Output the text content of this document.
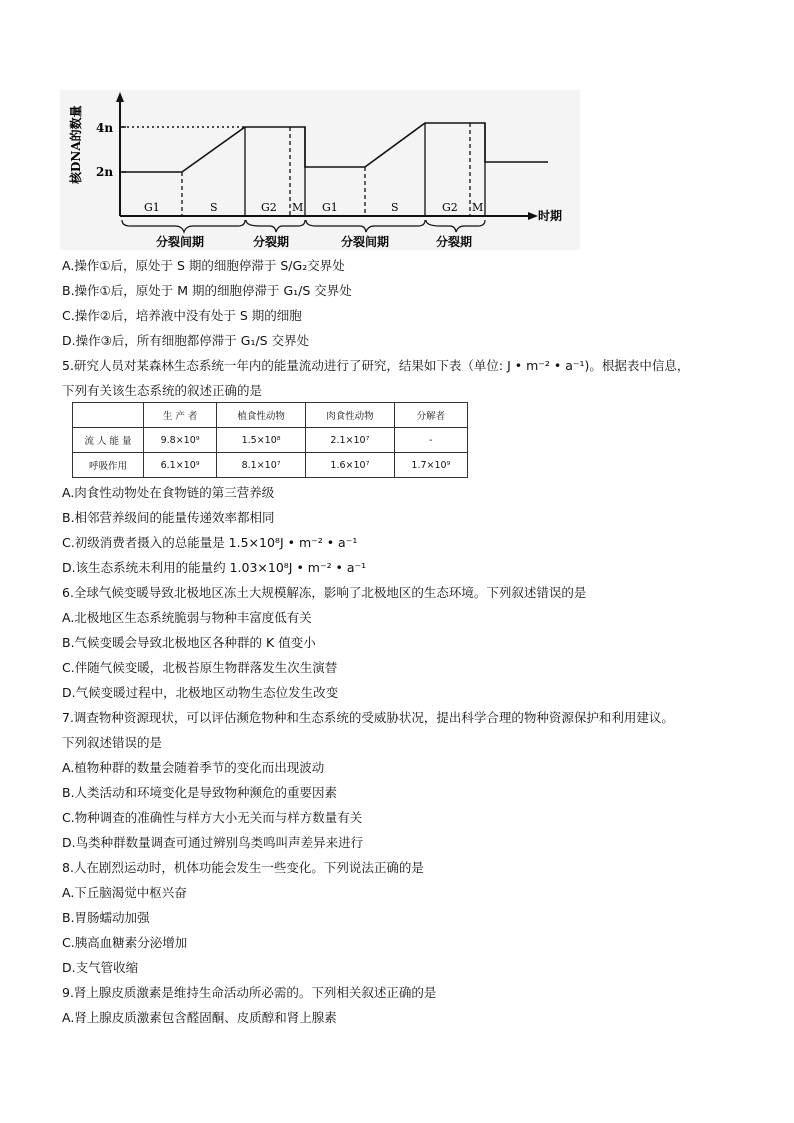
核DNA的数量 4n
2n
G1	S	G2 M G1	S	G2 M
时期
分裂间期	分裂期	分裂间期	分裂期
A.操作①后，原处于 S 期的细胞停滞于 S/G₂交界处
B.操作①后，原处于 M 期的细胞停滞于 G₁/S 交界处
C.操作②后，培养液中没有处于 S 期的细胞
D.操作③后，所有细胞都停滞于 G₁/S 交界处
5.研究人员对某森林生态系统一年内的能量流动进行了研究，结果如下表（单位: J • m⁻² • a⁻¹)。根据表中信息，
下列有关该生态系统的叙述正确的是
	生 产 者	植食性动物	肉食性动物	分解者
流 人 能 量	9.8×10⁹	1.5×10⁸	2.1×10⁷	-
呼吸作用	6.1×10⁹	8.1×10⁷	1.6×10⁷	1.7×10⁹
A.肉食性动物处在食物链的第三营养级
B.相邻营养级间的能量传递效率都相同
C.初级消费者摄入的总能量是 1.5×10⁸J • m⁻² • a⁻¹
D.该生态系统未利用的能量约 1.03×10⁸J • m⁻² • a⁻¹
6.全球气候变暖导致北极地区冻土大规模解冻，影响了北极地区的生态环境。下列叙述错误的是
A.北极地区生态系统脆弱与物种丰富度低有关
B.气候变暖会导致北极地区各种群的 K 值变小
C.伴随气候变暖，北极苔原生物群落发生次生演替
D.气候变暖过程中，北极地区动物生态位发生改变
7.调查物种资源现状，可以评估濒危物种和生态系统的受威胁状况，提出科学合理的物种资源保护和利用建议。
下列叙述错误的是
A.植物种群的数量会随着季节的变化而出现波动
B.人类活动和环境变化是导致物种濒危的重要因素
C.物种调查的准确性与样方大小无关而与样方数量有关
D.鸟类种群数量调查可通过辨别鸟类鸣叫声差异来进行
8.人在剧烈运动时，机体功能会发生一些变化。下列说法正确的是
A.下丘脑渴觉中枢兴奋
B.胃肠蠕动加强
C.胰高血糖素分泌增加
D.支气管收缩
9.肾上腺皮质激素是维持生命活动所必需的。下列相关叙述正确的是
A.肾上腺皮质激素包含醛固酮、皮质醇和肾上腺素
